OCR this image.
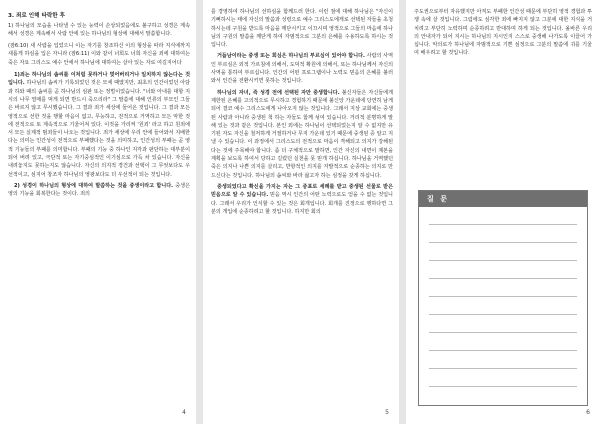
3. 죄로 인해 타락한 후

1) 하나님의 모습을 나타낼 수 있는 능력이 손상되었음에도 불구하고 성경은 계속해서 성경은 계속해서 사람 안에 있는 하나님의 형상에 대해서 말씀합니다.

(잠6:10) 새 사람을 입었으니 이는 자기를 창조하신 이의 형상을 따라 지식에까지 새롭게 하심을 입은 자니라 (잠6:11) 이와 같이 너희도 너희 자신을 죄에 대하여는 죽은 자요 그리스도 예수 안에서 하나님에 대하여는 살아 있는 자로 여길지어다

1)죄는 하나님의 솜씨를 이처럼 못하거나 멎어버리거나 일치하지 않는다는 것입니다. 하나님의 솜씨가 기록되었던 것은 모세 때였지만, 최초의 인간이었던 아담과 하와 때의 솜씨를 곧 하나님의 심판 또는 정벌이었습니다. "너와 아내를 대항 지식의 나무 열매를 먹게 되면 반드시 죽으리라" 그 말씀에 대해 인류의 부모인 그들은 바르지 않고 무시했습니다. 그 결과 죄가 세상에 들어온 것입니다. 그 결과 모든 영적으로 선한 것을 행할 마음이 없고, 무능하고, 전적으로 거역하고 모든 악한 것에 전적으로 또 계속적으로 기울어져 있다. 이것을 가리켜 '원죄' 라고 하고 원죄에서 모든 실제적 범죄들이 나오는 것입니다. 죄가 세상에 우리 안에 들어와서 지배한다는 의미는 인간성이 전적으로 부패했다는 것을 의미하고, 인간성의 부패는 곧 영적 기능들의 부패를 의미합니다. 부패의 기능 중 하나인 지각과 판단하는 대부분이 되어 버려 있고, 극단적 또는 자기중심적인 이기심으로 가득 차 있습니다. 자신을 내려놓지도 못하는지도 않습니다. 자신의 의지적 경건과 선택이 그 무엇보다도 우선적이고, 심지어 창조자 하나님의 영광보다도 더 우선적이 되는 것입니다.

2) 성경이 하나님의 형상에 대하여 말씀하는 것을 중생이라고 합니다. 중생은 영의 기능을 회복한다는 것이다. 죄의

4

를 경영하여 하나님의 선하심을 함께드러 한다. 이런 점에 대해 하나님은 "자신이 기뻐하시는 태에 자신의 말씀과 성령으로 예수 그리스도에게로 선택된 자들을 초청하시는데 구원을 받드록 마음을 깨닫시키고 이끄시며 영적으로 그들의 마음에 하나님의 구원의 말씀을 깨닫게 하여 자범적으로 그분의 은혜를 수용하도록 하시는 것입니다.

거듭남이라는 중생 또는 회심은 하나님의 부르심이 있어야 합니다. 사람의 사역인 부르심은 외적 가르침에 의해서, 도덕적 확원에 의해서, 또는 하나님께서 자신의 사역을 통하여 부르십니다. 인간의 어떤 프로그램이나 노력도 믿음의 은혜를 불러와서 인간을 전환시키면 못하는 것입니다.

하나님의 자녀, 즉 성경 전에 선택된 자만 중생합니다. 불신자들은 자신들에게 제한된 은혜를 고의적으로 무시하고 경험하기 때문에 불신앙 가운데에 당연히 남게 되어 결코 예수 그리스도에게 나아오지 않는 것입니다. 그래서 지상 교회에는 중생된 사람과 아니라 중생된 척 하는 자들도 함께 섞여 있습니다. 거리적 분명하게 말해 있는 것과 같은 것입니다. 본인 외에는 하나님이 선택되었는지 알 수 없지만 유기된 자도 자신을 철저하게 거절하거나 무지 가운데 있기 때문에 중생된 증 알고 지낼 수 있습니다. 이 과정에서 그리스도의 전적으로 마음이 격해되고 의지가 강해된다는 것에 주목해야 합니다. 좀 더 구체적으로 말하면, 인간 자신의 내면이 제본을 계획을 보도록 하여서 당하고 길렀던 실천을 못 믿개 하십니다. 하나님을 거역했던 죽은 의지나 나쁜 의지를 살리고, 반항적인 의지를 자발적으로 순종하는 의지로 만드신다는 것입니다. 하나님의 솜씨와 바라 삶고자 하는 심정을 갖게 하십니다.

중생되었다고 확신을 가지는 자는 그 증표로 세례를 받고 중생된 선물로 받은 믿음으로 알 수 있습니다. 믿음 역시 인간의 어떤 노력으로도 얻을 수 없는 것입니다. 그래서 우리가 인식할 수 있는 것은 회개입니다. 회개를 진정으로 행하다면 그분의 개입에 순종하려고 할 것입니다. 하지만 회의

5

주도권으로부터 자유했지만 아직도 부패한 인간성 때문에 부단히 영적 경험과 투쟁 속에 살 것입니다. 그럼에도 심각한 죄에 빠지지 않고 그분에 대한 지식을 거치려고 부단히 노력하며 순종하려고 반대하며 하게 되는 것입니다. 올바른 우리의 안내자가 되어 지시는 하나님의 지시인지 스스로 중생해 나가도록 이끌어 가십니다. 악의로가 하나님에 자범적으로 기쁜 심정으로 그분의 말씀에 귀를 기울여 배우려고 할 것입니다.

질 문
6
